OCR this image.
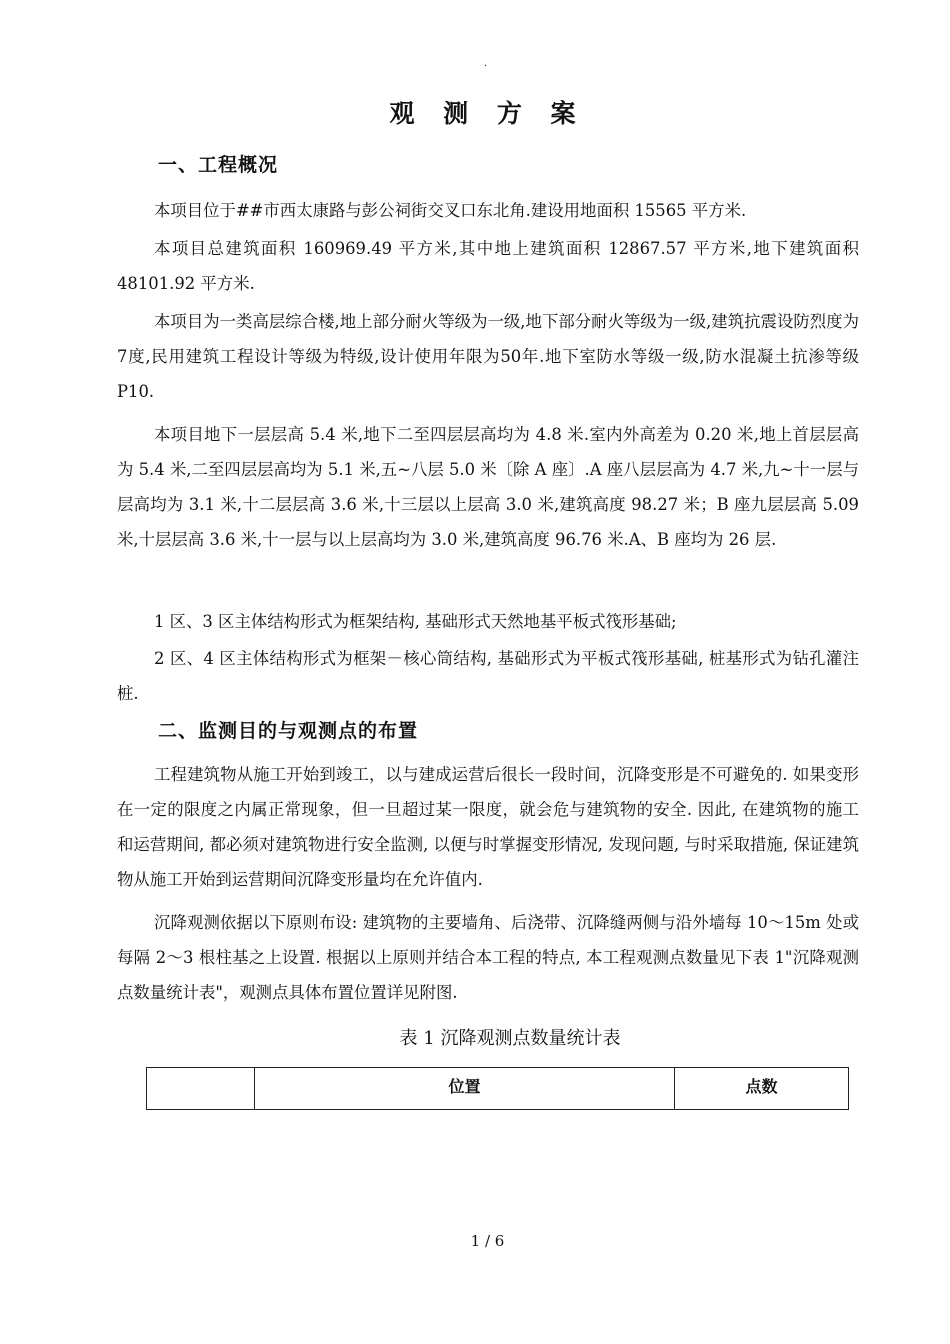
.
观 测 方 案
一、工程概况

本项目位于##市西太康路与彭公祠街交叉口东北角.建设用地面积 15565 平方米.

本项目总建筑面积 160969.49 平方米,其中地上建筑面积 12867.57 平方米,地下建筑面积 48101.92 平方米.

本项目为一类高层综合楼,地上部分耐火等级为一级,地下部分耐火等级为一级,建筑抗震设防烈度为7度,民用建筑工程设计等级为特级,设计使用年限为50年.地下室防水等级一级,防水混凝土抗渗等级 P10.

本项目地下一层层高 5.4 米,地下二至四层层高均为 4.8 米.室内外高差为 0.20 米,地上首层层高为 5.4 米,二至四层层高均为 5.1 米,五~八层 5.0 米〔除 A 座〕.A 座八层层高为 4.7 米,九~十一层与层高均为 3.1 米,十二层层高 3.6 米,十三层以上层高 3.0 米,建筑高度 98.27 米；B 座九层层高 5.09 米,十层层高 3.6 米,十一层与以上层高均为 3.0 米,建筑高度 96.76 米.A、B 座均为 26 层.

1 区、3 区主体结构形式为框架结构, 基础形式天然地基平板式筏形基础;

2 区、4 区主体结构形式为框架－核心筒结构, 基础形式为平板式筏形基础, 桩基形式为钻孔灌注桩.

二、监测目的与观测点的布置

工程建筑物从施工开始到竣工，以与建成运营后很长一段时间，沉降变形是不可避免的. 如果变形在一定的限度之内属正常现象，但一旦超过某一限度，就会危与建筑物的安全. 因此, 在建筑物的施工和运营期间, 都必须对建筑物进行安全监测, 以便与时掌握变形情况, 发现问题, 与时采取措施, 保证建筑物从施工开始到运营期间沉降变形量均在允许值内.

沉降观测依据以下原则布设: 建筑物的主要墙角、后浇带、沉降缝两侧与沿外墙每 10～15m 处或每隔 2～3 根柱基之上设置. 根据以上原则并结合本工程的特点, 本工程观测点数量见下表 1"沉降观测点数量统计表"，观测点具体布置位置详见附图.

表 1 沉降观测点数量统计表
	位置	点数
1 / 6
